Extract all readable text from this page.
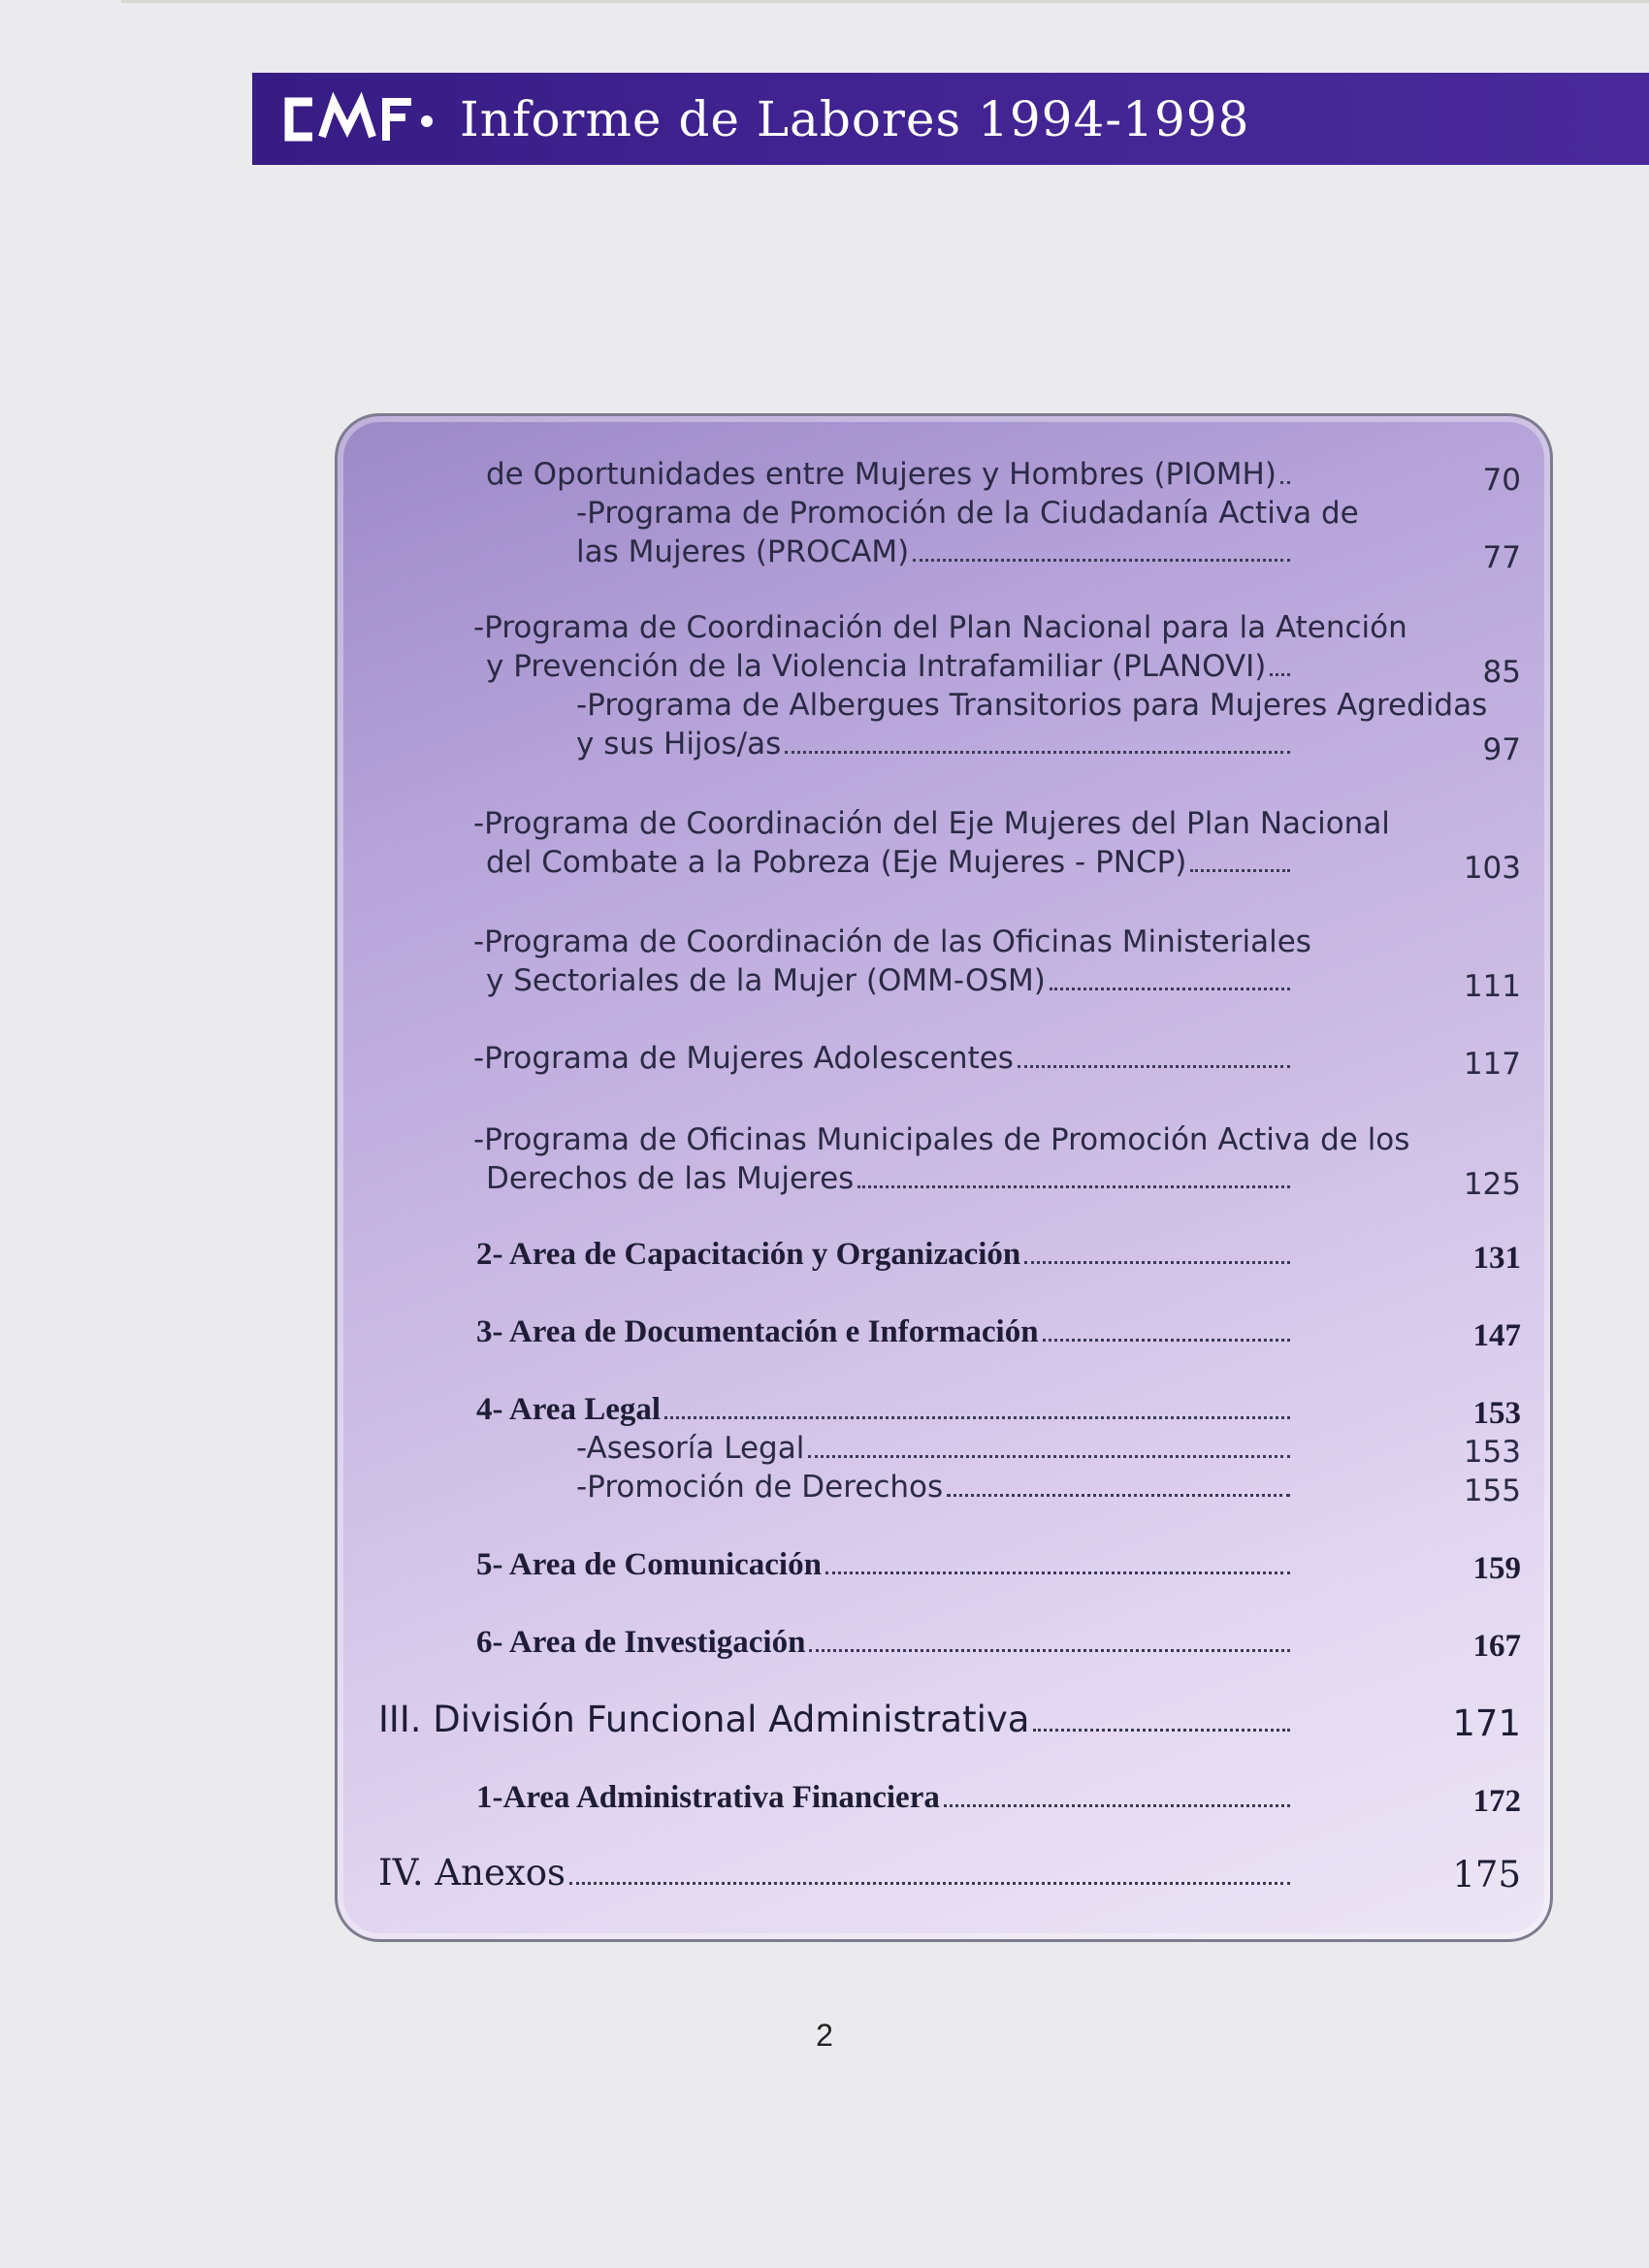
Informe de Labores 1994-1998
de Oportunidades entre Mujeres y Hombres (PIOMH)	70
-Programa de Promoción de la Ciudadanía Activa de
las Mujeres (PROCAM)	77
-Programa de Coordinación del Plan Nacional para la Atención
y Prevención de la Violencia Intrafamiliar (PLANOVI)	85
-Programa de Albergues Transitorios para Mujeres Agredidas
y sus Hijos/as	97
-Programa de Coordinación del Eje Mujeres del Plan Nacional
del Combate a la Pobreza (Eje Mujeres - PNCP)	103
-Programa de Coordinación de las Oficinas Ministeriales
y Sectoriales de la Mujer (OMM-OSM)	111
-Programa de Mujeres Adolescentes	117
-Programa de Oficinas Municipales de Promoción Activa de los
Derechos de las Mujeres	125
2- Area de Capacitación y Organización	131
3- Area de Documentación e Información	147
4- Area Legal	153
-Asesoría Legal	153
-Promoción de Derechos	155
5- Area de Comunicación	159
6- Area de Investigación	167
III. División Funcional Administrativa	171
1-Area Administrativa Financiera	172
IV. Anexos	175
2
